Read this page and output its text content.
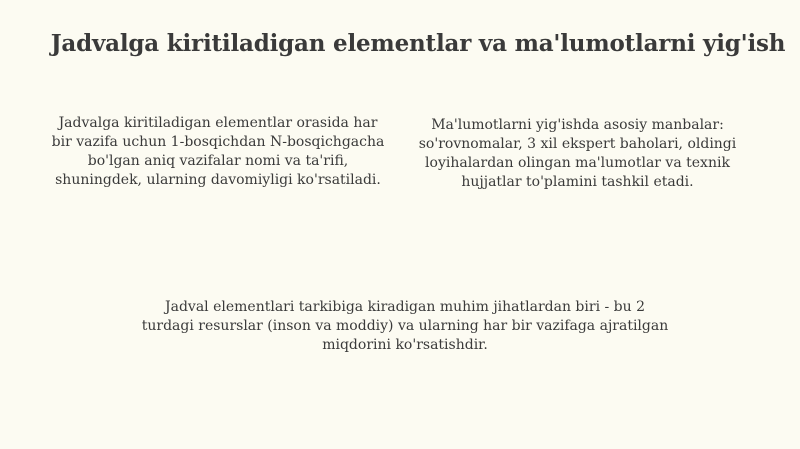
Jadvalga kiritiladigan elementlar va ma'lumotlarni yig'ish

Jadvalga kiritiladigan elementlar orasida har bir vazifa uchun 1-bosqichdan N-bosqichgacha bo'lgan aniq vazifalar nomi va ta'rifi, shuningdek, ularning davomiyligi ko'rsatiladi.

Ma'lumotlarni yig'ishda asosiy manbalar: so'rovnomalar, 3 xil ekspert baholari, oldingi loyihalardan olingan ma'lumotlar va texnik hujjatlar to'plamini tashkil etadi.

Jadval elementlari tarkibiga kiradigan muhim jihatlardan biri - bu 2 turdagi resurslar (inson va moddiy) va ularning har bir vazifaga ajratilgan miqdorini ko'rsatishdir.
